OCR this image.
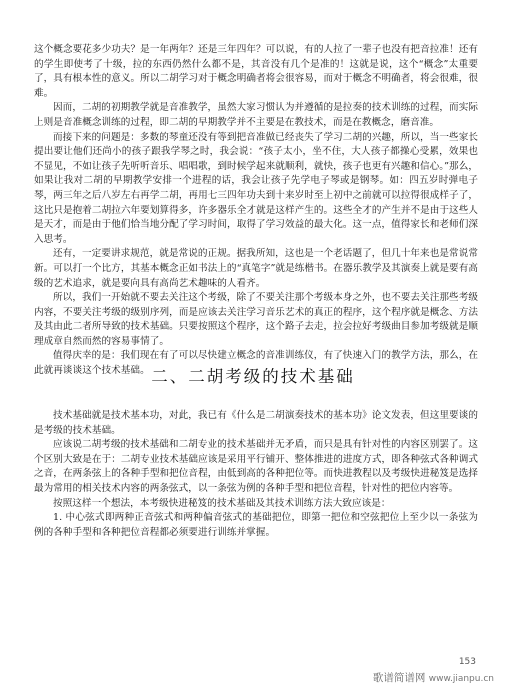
这个概念要花多少功夫？是一年两年？还是三年四年？可以说，有的人拉了一辈子也没有把音拉准！还有的学生即使考了十级，拉的东西仍然什么都不是，其音没有几个是准的！这就是说，这个“概念”太重要了，具有根本性的意义。所以二胡学习对于概念明确者将会很容易，而对于概念不明确者，将会很难，很难。

因而，二胡的初期教学就是音准教学，虽然大家习惯认为并遵循的是拉奏的技术训练的过程，而实际上则是音准概念训练的过程，即二胡的早期教学并不主要是在教技术，而是在教概念，磨音准。

而接下来的问题是：多数的琴童还没有等到把音准做已经丧失了学习二胡的兴趣，所以，当一些家长提出要让他们还尚小的孩子跟我学琴之时，我会说：“孩子太小，坐不住，大人孩子都操心受累，效果也不显见，不如让孩子先听听音乐、唱唱歌，到时候学起来就顺利，就快，孩子也更有兴趣和信心。”那么，如果让我对二胡的早期教学安排一个进程的话，我会让孩子先学电子琴或是钢琴。如：四五岁时弹电子琴，两三年之后八岁左右再学二胡，再用七三四年功夫到十来岁时至上初中之前就可以拉得很成样子了，这比只是抱着二胡拉六年要划算得多，许多器乐全才就是这样产生的。这些全才的产生并不是由于这些人是天才，而是由于他们恰当地分配了学习时间，取得了学习效益的最大化。这一点，值得家长和老师们深入思考。

还有，一定要讲求规范，就是常说的正规。据我所知，这也是一个老话题了，但几十年来也是常说常新。可以打一个比方，其基本概念正如书法上的“真笔字”就是练楷书。在器乐教学及其演奏上就是要有高级的艺术追求，就是要向具有高尚艺术趣味的人看齐。

所以，我们一开始就不要去关注这个考级，除了不要关注那个考级本身之外，也不要去关注那些考级内容，不要关注考级的级别序列，而是应该去关注学习音乐艺术的真正的程序，这个程序就是概念、方法及其由此二者所导致的技术基础。只要按照这个程序，这个路子去走，拉会拉好考级曲目参加考级就是顺理成章自然而然的容易事情了。

值得庆幸的是：我们现在有了可以尽快建立概念的音准训练仪，有了快速入门的教学方法，那么，在此就再谈谈这个技术基础。 二、二胡考级的技术基础

技术基础就是技术基本功，对此，我已有《什么是二胡演奏技术的基本功》论文发表，但这里要谈的是考级的技术基础。

应该说二胡考级的技术基础和二胡专业的技术基础并无矛盾，而只是具有针对性的内容区别罢了。这个区别大致是在于：二胡专业技术基础应该是采用平行铺开、整体推进的进度方式，即各种弦式各种调式之音，在两条弦上的各种手型和把位音程，由低到高的各种把位等。而快进教程以及考级快进秘笈是选择最为常用的相关技术内容的两条弦式，以一条弦为例的各种手型和把位音程，针对性的把位内容等。

按照这样一个想法，本考级快进秘笈的技术基础及其技术训练方法大致应该是：

1. 中心弦式即两种正音弦式和两种偏音弦式的基础把位，即第一把位和空弦把位上至少以一条弦为例的各种手型和各种把位音程都必须要进行训练并掌握。

153
歌谱简谱网 www.jianpu.cn
